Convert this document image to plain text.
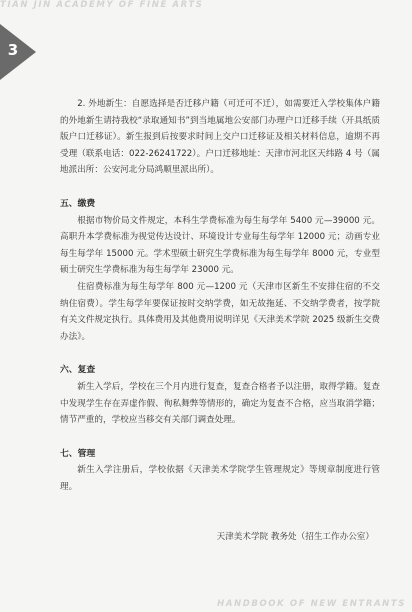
TIAN JIN ACADEMY OF FINE ARTS
3

2. 外地新生：自愿选择是否迁移户籍（可迁可不迁），如需要迁入学校集体户籍的外地新生请持我校“录取通知书”到当地属地公安部门办理户口迁移手续（开具纸质版户口迁移证）。新生报到后按要求时间上交户口迁移证及相关材料信息，逾期不再受理（联系电话：022-26241722）。户口迁移地址：天津市河北区天纬路 4 号（属地派出所：公安河北分局鸿顺里派出所）。

五、缴费

根据市物价局文件规定，本科生学费标准为每生每学年 5400 元—39000 元。高职升本学费标准为视觉传达设计、环境设计专业每生每学年 12000 元；动画专业每生每学年 15000 元。学术型硕士研究生学费标准为每生每学年 8000 元，专业型硕士研究生学费标准为每生每学年 23000 元。

住宿费标准为每生每学年 800 元—1200 元（天津市区新生不安排住宿的不交纳住宿费）。学生每学年要保证按时交纳学费，如无故拖延、不交纳学费者，按学院有关文件规定执行。具体费用及其他费用说明详见《天津美术学院 2025 级新生交费办法》。

六、复查

新生入学后，学校在三个月内进行复查，复查合格者予以注册，取得学籍。复查中发现学生存在弄虚作假、徇私舞弊等情形的，确定为复查不合格，应当取消学籍；情节严重的，学校应当移交有关部门调查处理。

七、管理

新生入学注册后，学校依据《天津美术学院学生管理规定》等规章制度进行管理。

天津美术学院 教务处（招生工作办公室）

HANDBOOK OF NEW ENTRANTS
